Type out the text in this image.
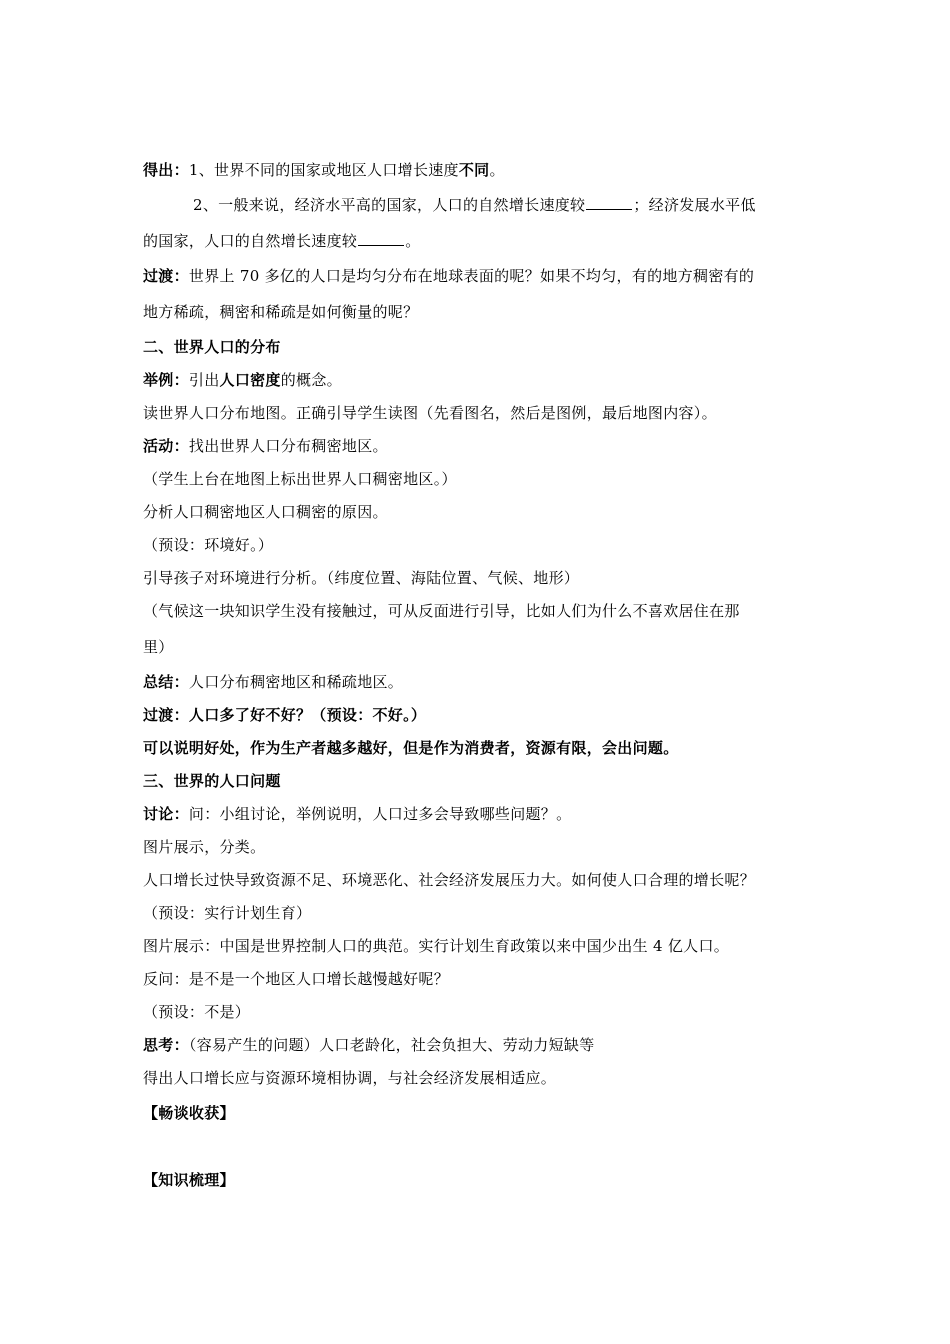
得出：1、世界不同的国家或地区人口增长速度不同。
2、一般来说，经济水平高的国家，人口的自然增长速度较	；经济发展水平低
的国家，人口的自然增长速度较	。
过渡：世界上 70 多亿的人口是均匀分布在地球表面的呢？如果不均匀，有的地方稠密有的
地方稀疏，稠密和稀疏是如何衡量的呢？
二、世界人口的分布
举例：引出人口密度的概念。
读世界人口分布地图。正确引导学生读图（先看图名，然后是图例，最后地图内容）。
活动：找出世界人口分布稠密地区。
（学生上台在地图上标出世界人口稠密地区。）
分析人口稠密地区人口稠密的原因。
（预设：环境好。）
引导孩子对环境进行分析。（纬度位置、海陆位置、气候、地形）
（气候这一块知识学生没有接触过，可从反面进行引导，比如人们为什么不喜欢居住在那
里）
总结：人口分布稠密地区和稀疏地区。
过渡：人口多了好不好？（预设：不好。）
可以说明好处，作为生产者越多越好，但是作为消费者，资源有限，会出问题。
三、世界的人口问题
讨论：问：小组讨论，举例说明，人口过多会导致哪些问题？。
图片展示，分类。
人口增长过快导致资源不足、环境恶化、社会经济发展压力大。如何使人口合理的增长呢？
（预设：实行计划生育）
图片展示：中国是世界控制人口的典范。实行计划生育政策以来中国少出生 4 亿人口。
反问：是不是一个地区人口增长越慢越好呢？
（预设：不是）
思考：（容易产生的问题）人口老龄化，社会负担大、劳动力短缺等
得出人口增长应与资源环境相协调，与社会经济发展相适应。
【畅谈收获】
【知识梳理】
